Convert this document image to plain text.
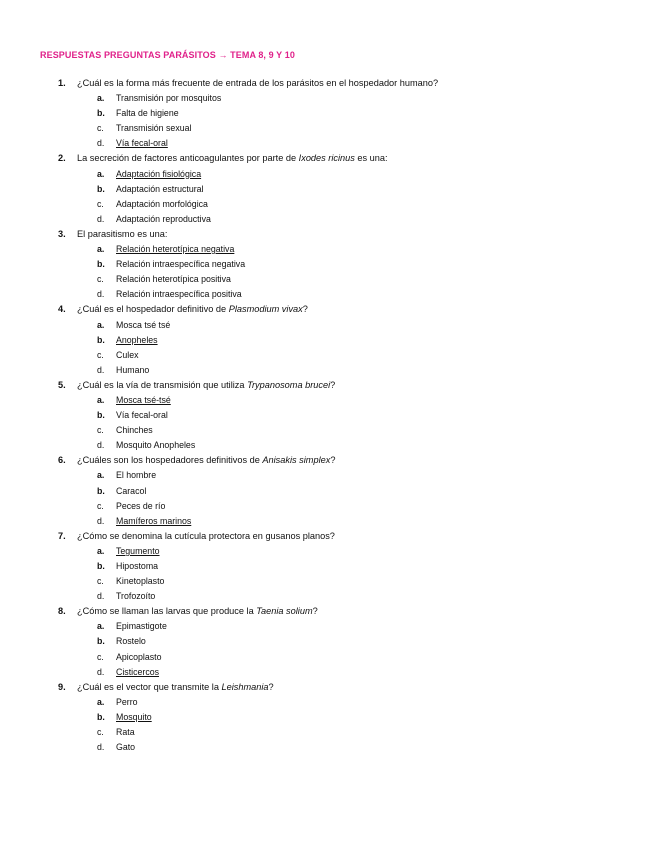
RESPUESTAS PREGUNTAS PARÁSITOS → TEMA 8, 9 Y 10
1. ¿Cuál es la forma más frecuente de entrada de los parásitos en el hospedador humano?
a. Transmisión por mosquitos
b. Falta de higiene
c. Transmisión sexual
d. Vía fecal-oral
2. La secreción de factores anticoagulantes por parte de Ixodes ricinus es una:
a. Adaptación fisiológica
b. Adaptación estructural
c. Adaptación morfológica
d. Adaptación reproductiva
3. El parasitismo es una:
a. Relación heterotípica negativa
b. Relación intraespecífica negativa
c. Relación heterotípica positiva
d. Relación intraespecífica positiva
4. ¿Cuál es el hospedador definitivo de Plasmodium vivax?
a. Mosca tsé tsé
b. Anopheles
c. Culex
d. Humano
5. ¿Cuál es la vía de transmisión que utiliza Trypanosoma brucei?
a. Mosca tsé-tsé
b. Vía fecal-oral
c. Chinches
d. Mosquito Anopheles
6. ¿Cuáles son los hospedadores definitivos de Anisakis simplex?
a. El hombre
b. Caracol
c. Peces de río
d. Mamíferos marinos
7. ¿Cómo se denomina la cutícula protectora en gusanos planos?
a. Tegumento
b. Hipostoma
c. Kinetoplasto
d. Trofozoíto
8. ¿Cómo se llaman las larvas que produce la Taenia solium?
a. Epimastigote
b. Rostelo
c. Apicoplasto
d. Cisticercos
9. ¿Cuál es el vector que transmite la Leishmania?
a. Perro
b. Mosquito
c. Rata
d. Gato
